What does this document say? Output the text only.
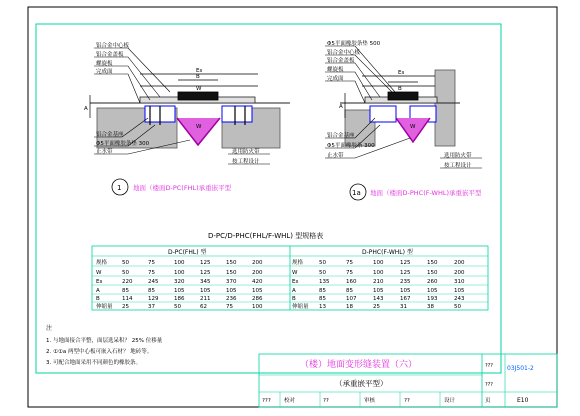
铝合金中心板
铝合金盖板
螺旋板
完成面
铝合金基座
Φ5平面橡胶条垫 300
止水带	选用防火带
按工程设计
Es
B
W
A
W
Φ5平面橡胶条垫 500
铝合金中心板
铝合金盖板
螺旋板
完成面
铝合金基座
Φ5平面橡胶条 300
止水带	选用防火带
按工程设计
Es
B
A
W
1
1a
地面（楼面D-PC(FHL)承重嵌平型
地面（楼面D-PHC(F-WHL)承重嵌平型
D-PC/D-PHC(FHL/F-WHL) 型规格表
D-PC(FHL) 型	D-PHC(F-WHL) 型
规格	50	75	100	125	150	200
W	50	75	100	125	150	200
Es	220	245	320	345	370	420
A	85	85	105	105	105	105
B	114	129	186	211	236	286
伸缩量 25	37	50	62	75	100
规格	50	75	100	125	150	200
W	50	75	100	125	150	200
Es	135	160	210	235	260	310
A	85	85	105	105	105	105
B	85	107	143	167	193	243
伸缩量 13	18	25	31	38	50
注
1. 与地面接合平整，面层选呆积？ 25% 位移量
2. ①①a 两型中心板可嵌入石材？ 地砖等。
3. 可配合地面采用不同颜色的橡胶条。	（楼）地面变形缝装置（六）
（承重嵌平型）
???
???
03J501-2
??? 校对	??	审核	??	设计	页	E10
